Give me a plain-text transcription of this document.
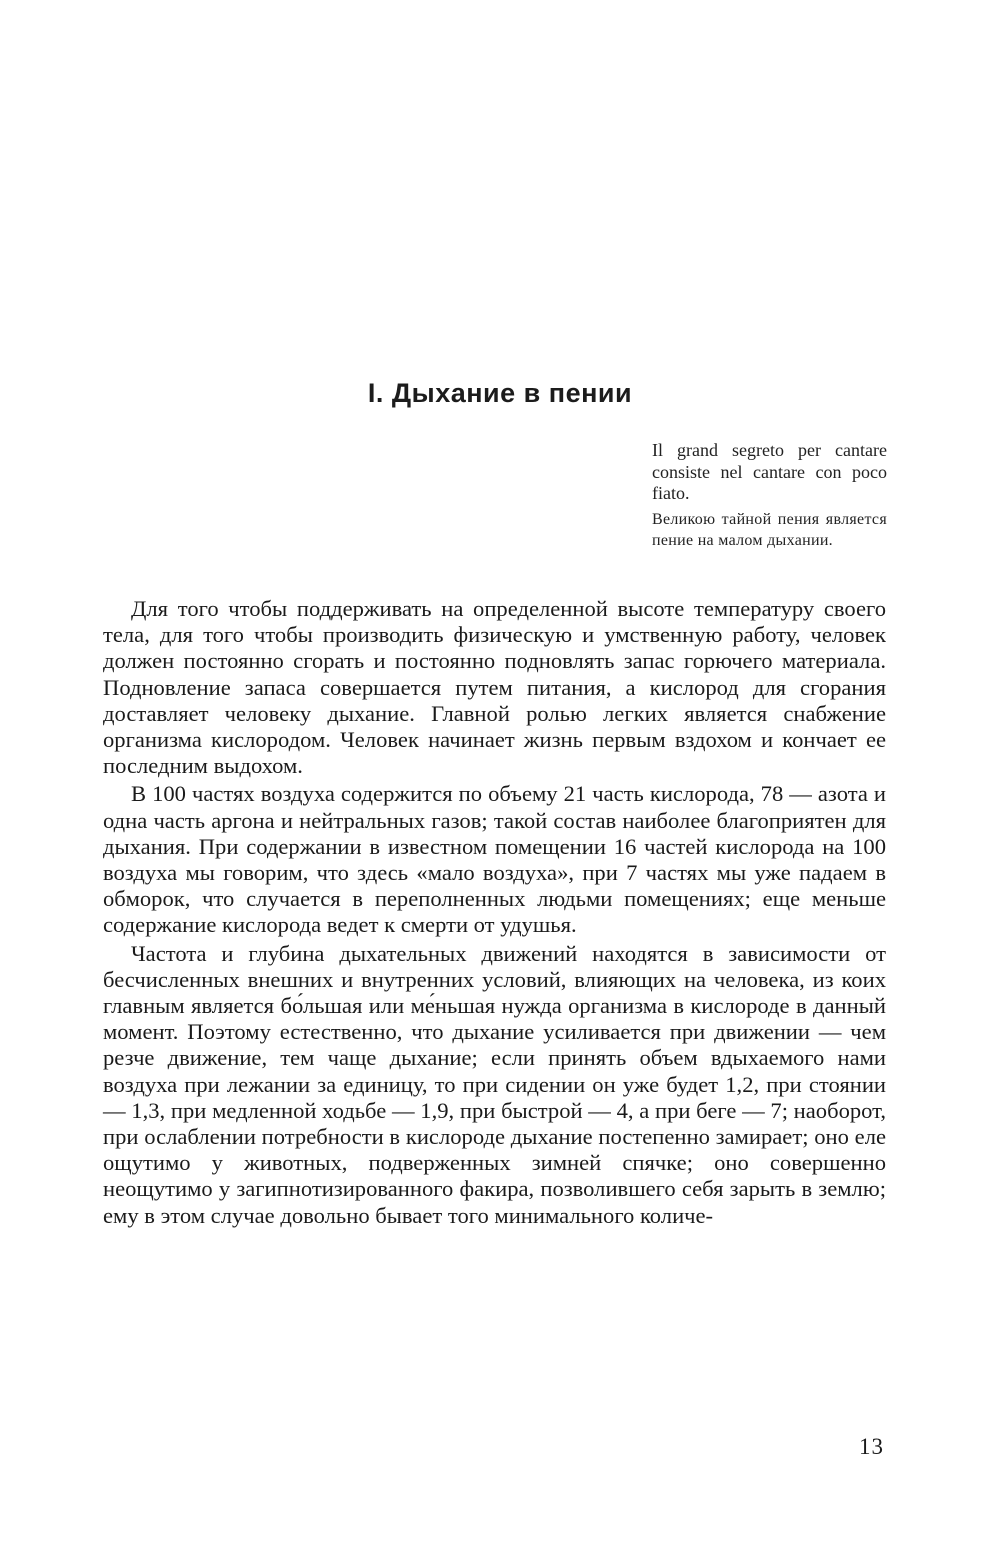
I. Дыхание в пении

Il grand segreto per cantare consiste nel cantare con poco fiato.

Великою тайной пения является пение на малом дыхании.

Для того чтобы поддерживать на определенной высоте температуру своего тела, для того чтобы производить физическую и умственную работу, человек должен постоянно сгорать и постоянно подновлять запас горючего материала. Подновление запаса совершается путем питания, а кислород для сгорания доставляет человеку дыхание. Главной ролью легких является снабжение организма кислородом. Человек начинает жизнь первым вздохом и кончает ее последним выдохом.

В 100 частях воздуха содержится по объему 21 часть кислорода, 78 — азота и одна часть аргона и нейтральных газов; такой состав наиболее благоприятен для дыхания. При содержании в известном помещении 16 частей кислорода на 100 воздуха мы говорим, что здесь «мало воздуха», при 7 частях мы уже падаем в обморок, что случается в переполненных людьми помещениях; еще меньше содержание кислорода ведет к смерти от удушья.

Частота и глубина дыхательных движений находятся в зависимости от бесчисленных внешних и внутренних условий, влияющих на человека, из коих главным является бо́льшая или ме́ньшая нужда организма в кислороде в данный момент. Поэтому естественно, что дыхание усиливается при движении — чем резче движение, тем чаще дыхание; если принять объем вдыхаемого нами воздуха при лежании за единицу, то при сидении он уже будет 1,2, при стоянии — 1,3, при медленной ходьбе — 1,9, при быстрой — 4, а при беге — 7; наоборот, при ослаблении потребности в кислороде дыхание постепенно замирает; оно еле ощутимо у животных, подверженных зимней спячке; оно совершенно неощутимо у загипнотизированного факира, позволившего себя зарыть в землю; ему в этом случае довольно бывает того минимального количе-

13
